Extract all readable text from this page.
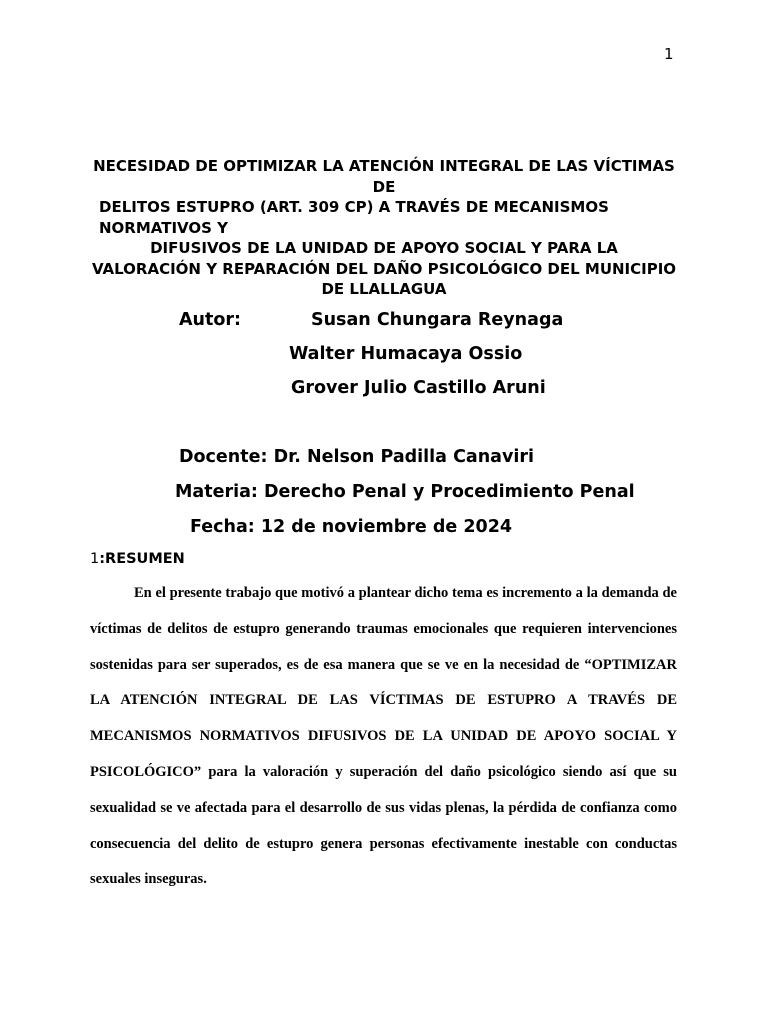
1
NECESIDAD DE OPTIMIZAR LA ATENCIÓN INTEGRAL DE LAS VÍCTIMAS
DE
DELITOS ESTUPRO (ART. 309 CP) A TRAVÉS DE MECANISMOS
NORMATIVOS Y
DIFUSIVOS DE LA UNIDAD DE APOYO SOCIAL Y PARA LA
VALORACIÓN Y REPARACIÓN DEL DAÑO PSICOLÓGICO DEL MUNICIPIO
DE LLALLAGUA
Autor:	Susan Chungara Reynaga
Walter Humacaya Ossio
Grover Julio Castillo Aruni
Docente: Dr. Nelson Padilla Canaviri
Materia: Derecho Penal y Procedimiento Penal
Fecha: 12 de noviembre de 2024
1:RESUMEN

En el presente trabajo que motivó a plantear dicho tema es incremento a la demanda de víctimas de delitos de estupro generando traumas emocionales que requieren intervenciones sostenidas para ser superados, es de esa manera que se ve en la necesidad de “OPTIMIZAR LA ATENCIÓN INTEGRAL DE LAS VÍCTIMAS DE ESTUPRO A TRAVÉS DE MECANISMOS NORMATIVOS DIFUSIVOS DE LA UNIDAD DE APOYO SOCIAL Y PSICOLÓGICO” para la valoración y superación del daño psicológico siendo así que su sexualidad se ve afectada para el desarrollo de sus vidas plenas, la pérdida de confianza como consecuencia del delito de estupro genera personas efectivamente inestable con conductas sexuales inseguras.
